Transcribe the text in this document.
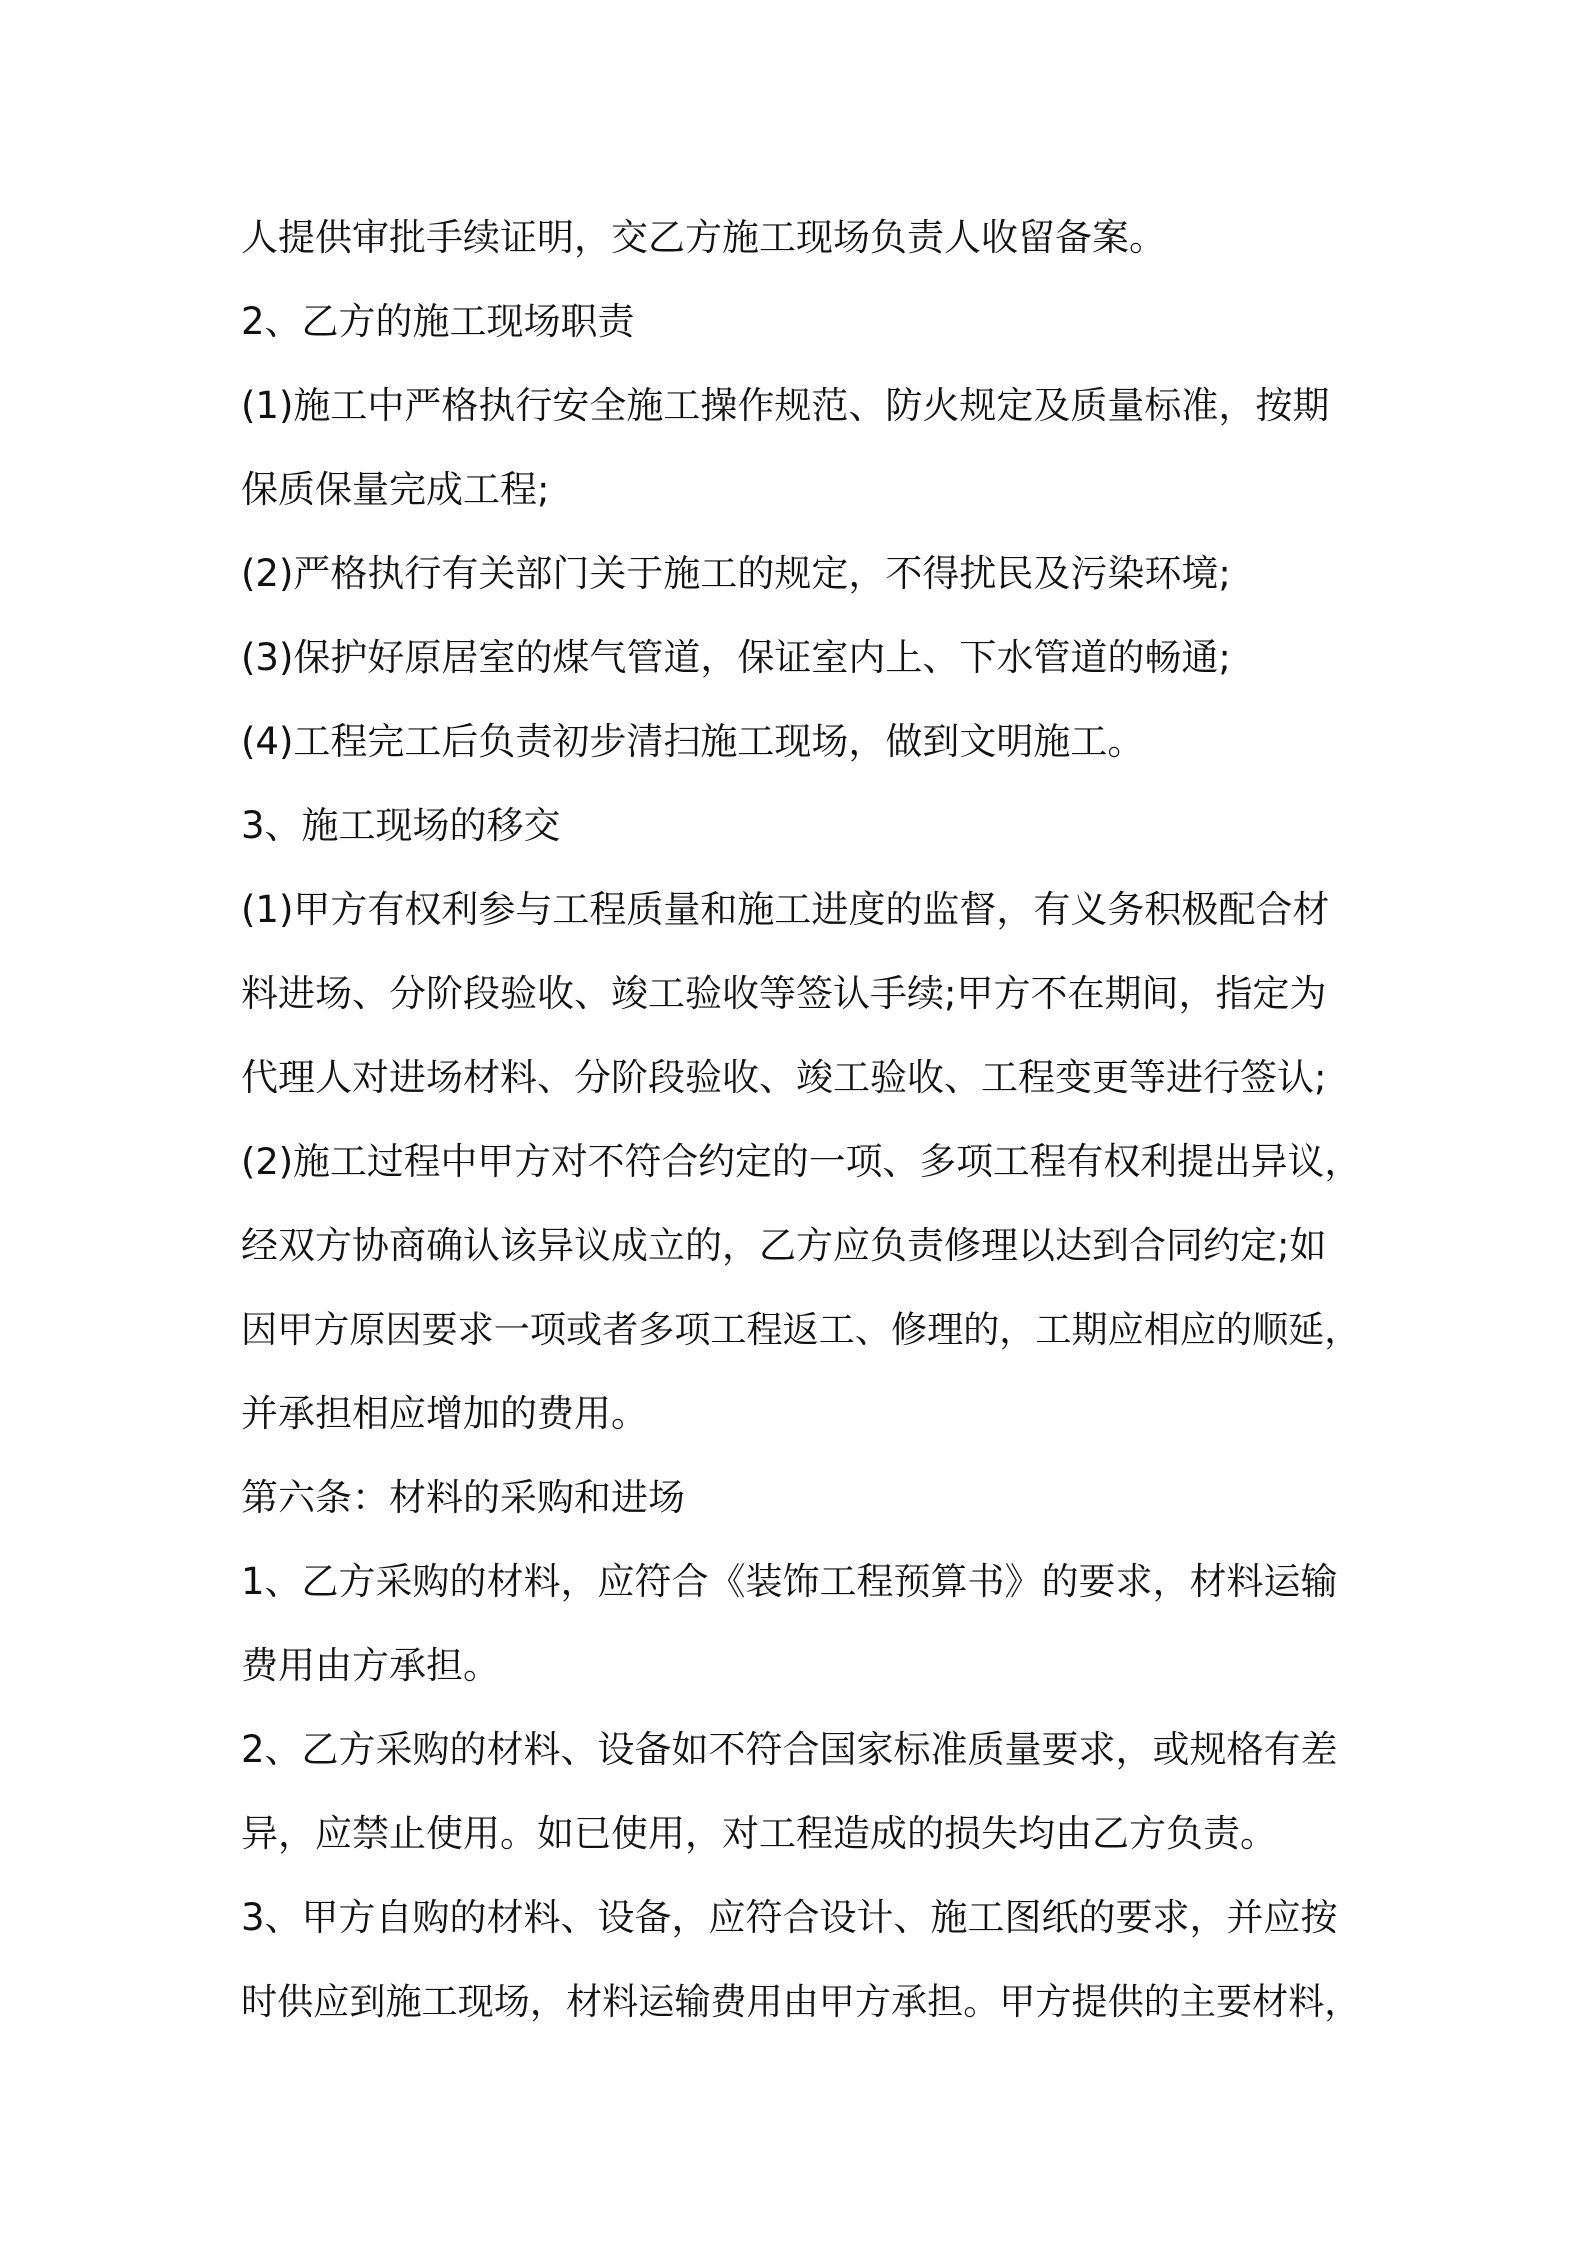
人提供审批手续证明，交乙方施工现场负责人收留备案。
2、乙方的施工现场职责
(1)施工中严格执行安全施工操作规范、防火规定及质量标准，按期
保质保量完成工程;
(2)严格执行有关部门关于施工的规定，不得扰民及污染环境;
(3)保护好原居室的煤气管道，保证室内上、下水管道的畅通;
(4)工程完工后负责初步清扫施工现场，做到文明施工。
3、施工现场的移交
(1)甲方有权利参与工程质量和施工进度的监督，有义务积极配合材
料进场、分阶段验收、竣工验收等签认手续;甲方不在期间，指定为
代理人对进场材料、分阶段验收、竣工验收、工程变更等进行签认;
(2)施工过程中甲方对不符合约定的一项、多项工程有权利提出异议，
经双方协商确认该异议成立的，乙方应负责修理以达到合同约定;如
因甲方原因要求一项或者多项工程返工、修理的，工期应相应的顺延，
并承担相应增加的费用。
第六条：材料的采购和进场
1、乙方采购的材料，应符合《装饰工程预算书》的要求，材料运输
费用由方承担。
2、乙方采购的材料、设备如不符合国家标准质量要求，或规格有差
异，应禁止使用。如已使用，对工程造成的损失均由乙方负责。
3、甲方自购的材料、设备，应符合设计、施工图纸的要求，并应按
时供应到施工现场，材料运输费用由甲方承担。甲方提供的主要材料，
